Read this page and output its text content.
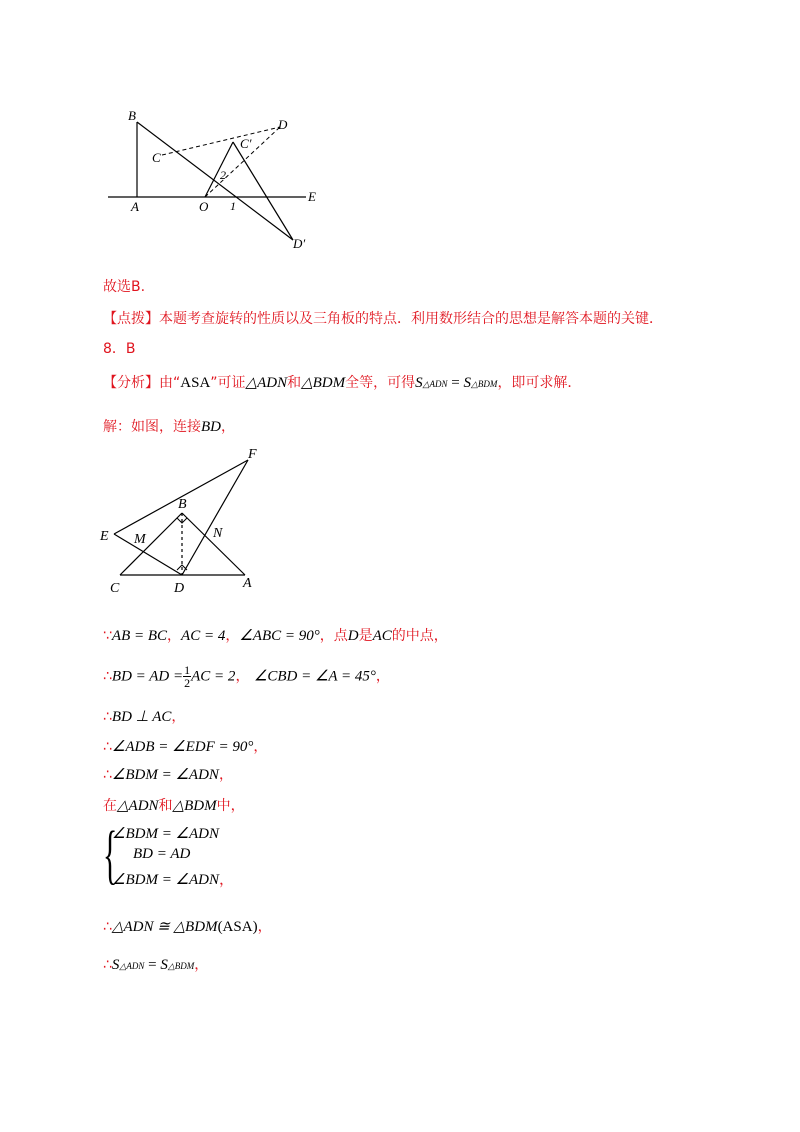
B
C
D
C′
2
A	O 1
E
D′
故选B.
【点拨】本题考查旋转的性质以及三角板的特点．利用数形结合的思想是解答本题的关键．
8．B
【分析】由“ASA”可证△ADN和△BDM全等，可得S△ADN = S△BDM，即可求解．
解：如图，连接BD，
F
B
E M	N
C	D	A
∵AB = BC，AC = 4，∠ABC = 90°，点D是AC的中点，
∴BD = AD = $\frac{1}{2}$ AC = 2， ∠CBD = ∠A = 45°，
∴BD ⊥ AC，
∴∠ADB = ∠EDF = 90°，
∴∠BDM = ∠ADN，
在△ADN和△BDM中，
{
∠BDM = ∠ADN
BD = AD
∠BDM = ∠ADN，
∴△ADN ≅ △BDM(ASA)，
∴S△ADN = S△BDM，
